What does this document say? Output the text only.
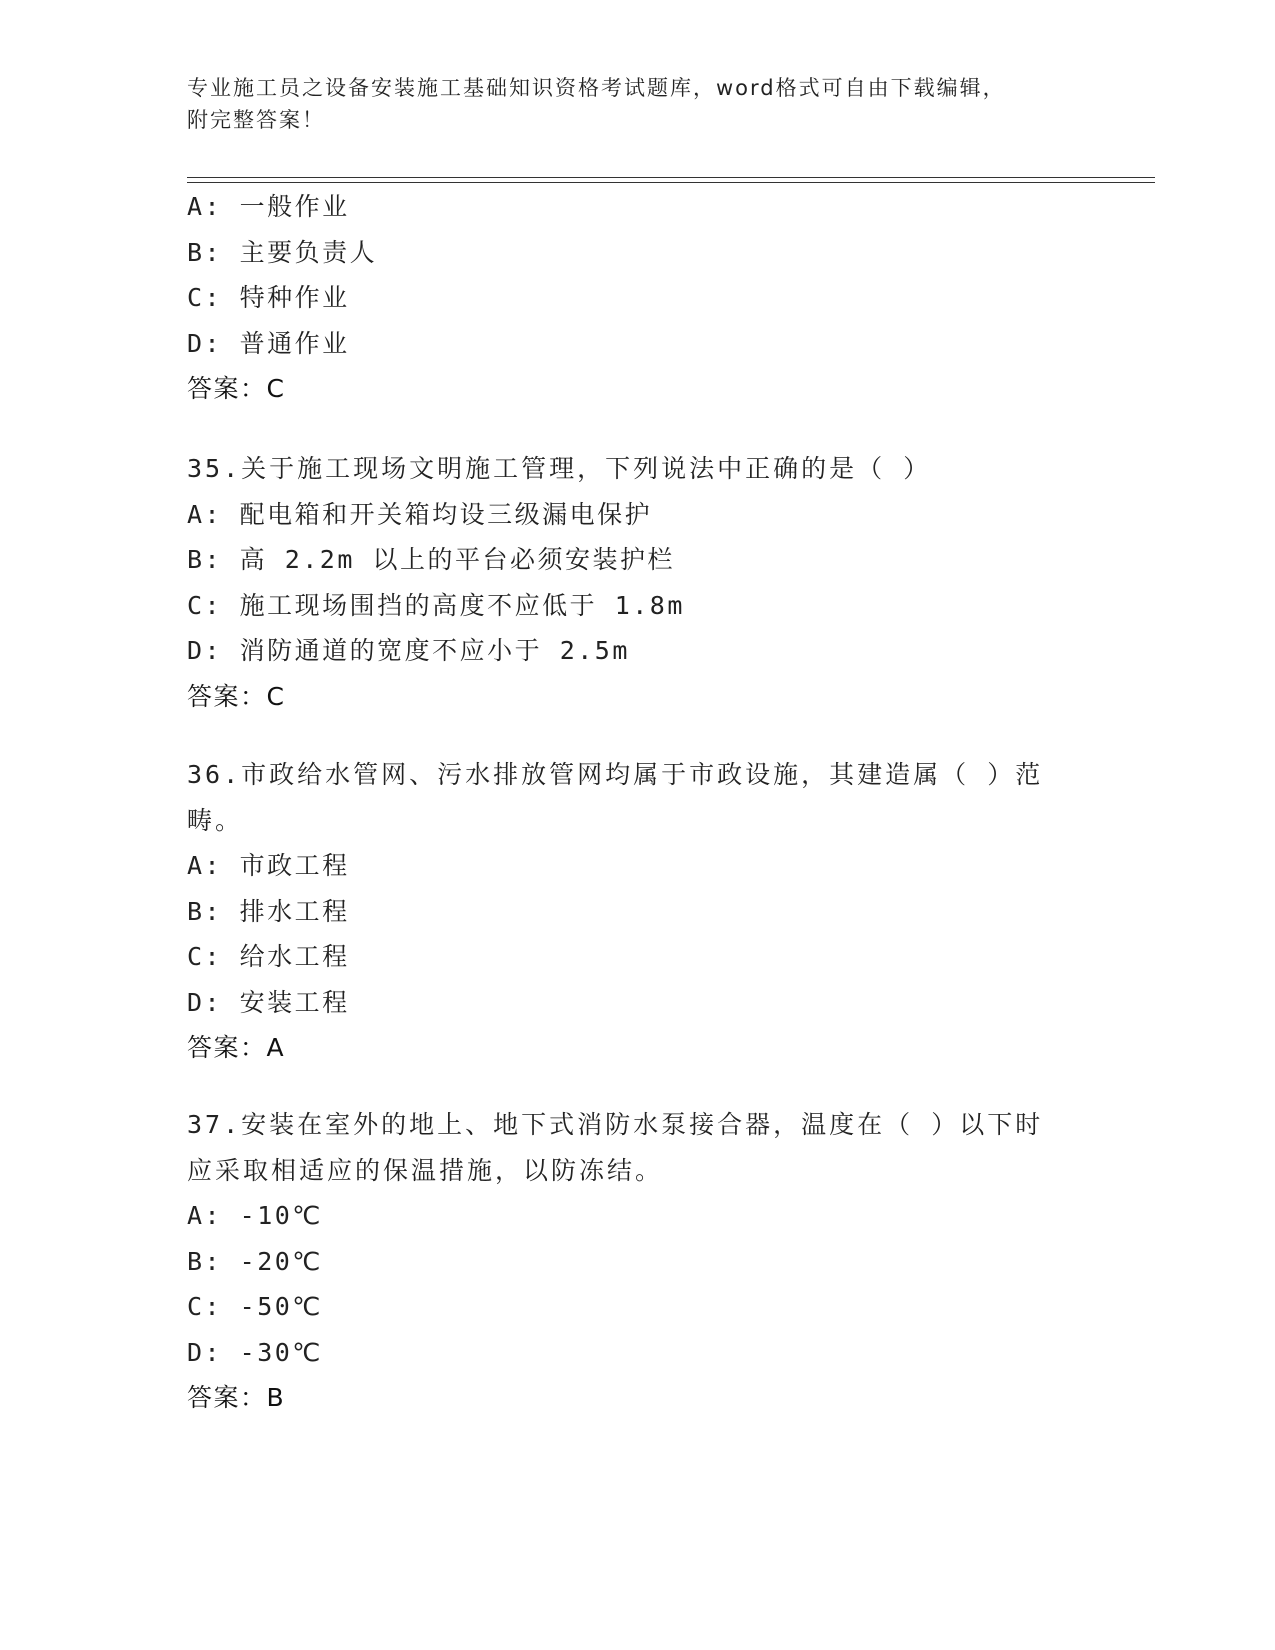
专业施工员之设备安装施工基础知识资格考试题库，word格式可自由下载编辑，
附完整答案！
A: 一般作业
B: 主要负责人
C: 特种作业
D: 普通作业
答案：C
35.关于施工现场文明施工管理，下列说法中正确的是（ ）
A: 配电箱和开关箱均设三级漏电保护
B: 高 2.2m 以上的平台必须安装护栏
C: 施工现场围挡的高度不应低于 1.8m
D: 消防通道的宽度不应小于 2.5m
答案：C
36.市政给水管网、污水排放管网均属于市政设施，其建造属（ ）范畴。
A: 市政工程
B: 排水工程
C: 给水工程
D: 安装工程
答案：A
37.安装在室外的地上、地下式消防水泵接合器，温度在（ ）以下时应采取相适应的保温措施，以防冻结。
A: -10℃
B: -20℃
C: -50℃
D: -30℃
答案：B
